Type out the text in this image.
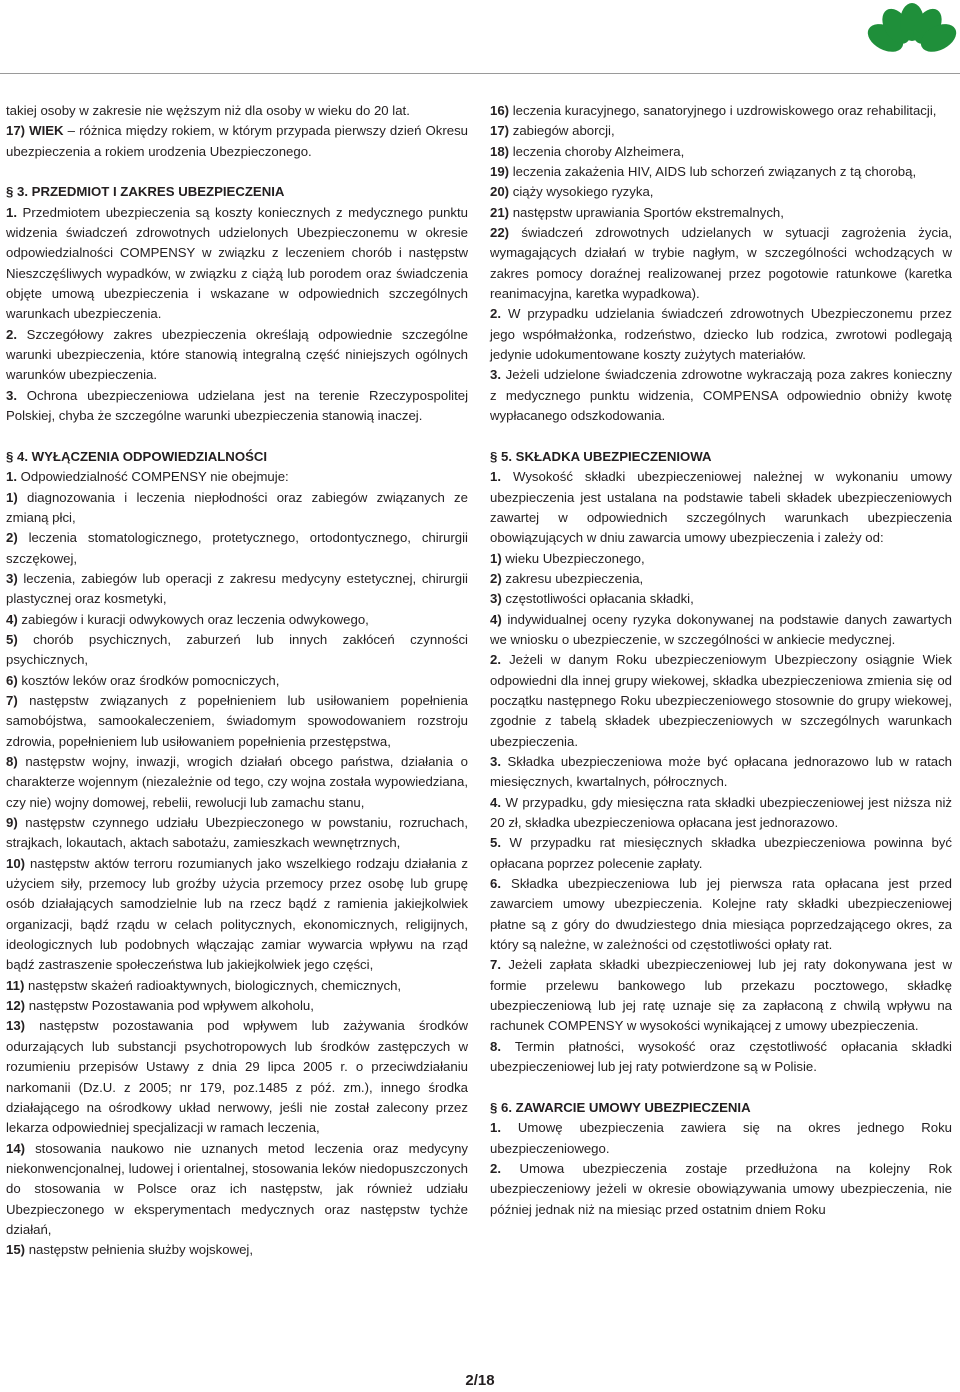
takiej osoby w zakresie nie węższym niż dla osoby w wieku do 20 lat.

17) WIEK – różnica między rokiem, w którym przypada pierwszy dzień Okresu ubezpieczenia a rokiem urodzenia Ubezpieczonego.

§ 3. PRZEDMIOT I ZAKRES UBEZPIECZENIA

1. Przedmiotem ubezpieczenia są koszty koniecznych z medycznego punktu widzenia świadczeń zdrowotnych udzielonych Ubezpieczonemu w okresie odpowiedzialności COMPENSY w związku z leczeniem chorób i następstw Nieszczęśliwych wypadków, w związku z ciążą lub porodem oraz świadczenia objęte umową ubezpieczenia i wskazane w odpowiednich szczególnych warunkach ubezpieczenia.

2. Szczegółowy zakres ubezpieczenia określają odpowiednie szczególne warunki ubezpieczenia, które stanowią integralną część niniejszych ogólnych warunków ubezpieczenia.

3. Ochrona ubezpieczeniowa udzielana jest na terenie Rzeczypospolitej Polskiej, chyba że szczególne warunki ubezpieczenia stanowią inaczej.

§ 4. WYŁĄCZENIA ODPOWIEDZIALNOŚCI

1. Odpowiedzialność COMPENSY nie obejmuje:

1) diagnozowania i leczenia niepłodności oraz zabiegów związanych ze zmianą płci,

2) leczenia stomatologicznego, protetycznego, ortodontycznego, chirurgii szczękowej,

3) leczenia, zabiegów lub operacji z zakresu medycyny estetycznej, chirurgii plastycznej oraz kosmetyki,

4) zabiegów i kuracji odwykowych oraz leczenia odwykowego,

5) chorób psychicznych, zaburzeń lub innych zakłóceń czynności psychicznych,

6) kosztów leków oraz środków pomocniczych,

7) następstw związanych z popełnieniem lub usiłowaniem popełnienia samobójstwa, samookaleczeniem, świadomym spowodowaniem rozstroju zdrowia, popełnieniem lub usiłowaniem popełnienia przestępstwa,

8) następstw wojny, inwazji, wrogich działań obcego państwa, działania o charakterze wojennym (niezależnie od tego, czy wojna została wypowiedziana, czy nie) wojny domowej, rebelii, rewolucji lub zamachu stanu,

9) następstw czynnego udziału Ubezpieczonego w powstaniu, rozruchach, strajkach, lokautach, aktach sabotażu, zamieszkach wewnętrznych,

10) następstw aktów terroru rozumianych jako wszelkiego rodzaju działania z użyciem siły, przemocy lub groźby użycia przemocy przez osobę lub grupę osób działających samodzielnie lub na rzecz bądź z ramienia jakiejkolwiek organizacji, bądź rządu w celach politycznych, ekonomicznych, religijnych, ideologicznych lub podobnych włączając zamiar wywarcia wpływu na rząd bądź zastraszenie społeczeństwa lub jakiejkolwiek jego części,

11) następstw skażeń radioaktywnych, biologicznych, chemicznych,

12) następstw Pozostawania pod wpływem alkoholu,

13) następstw pozostawania pod wpływem lub zażywania środków odurzających lub substancji psychotropowych lub środków zastępczych w rozumieniu przepisów Ustawy z dnia 29 lipca 2005 r. o przeciwdziałaniu narkomanii (Dz.U. z 2005; nr 179, poz.1485 z póź. zm.), innego środka działającego na ośrodkowy układ nerwowy, jeśli nie został zalecony przez lekarza odpowiedniej specjalizacji w ramach leczenia,

14) stosowania naukowo nie uznanych metod leczenia oraz medycyny niekonwencjonalnej, ludowej i orientalnej, stosowania leków niedopuszczonych do stosowania w Polsce oraz ich następstw, jak również udziału Ubezpieczonego w eksperymentach medycznych oraz następstw tychże działań,

15) następstw pełnienia służby wojskowej,

16) leczenia kuracyjnego, sanatoryjnego i uzdrowiskowego oraz rehabilitacji,

17) zabiegów aborcji,

18) leczenia choroby Alzheimera,

19) leczenia zakażenia HIV, AIDS lub schorzeń związanych z tą chorobą,

20) ciąży wysokiego ryzyka,

21) następstw uprawiania Sportów ekstremalnych,

22) świadczeń zdrowotnych udzielanych w sytuacji zagrożenia życia, wymagających działań w trybie nagłym, w szczególności wchodzących w zakres pomocy doraźnej realizowanej przez pogotowie ratunkowe (karetka reanimacyjna, karetka wypadkowa).

2. W przypadku udzielania świadczeń zdrowotnych Ubezpieczonemu przez jego współmałżonka, rodzeństwo, dziecko lub rodzica, zwrotowi podlegają jedynie udokumentowane koszty zużytych materiałów.

3. Jeżeli udzielone świadczenia zdrowotne wykraczają poza zakres konieczny z medycznego punktu widzenia, COMPENSA odpowiednio obniży kwotę wypłacanego odszkodowania.

§ 5. SKŁADKA UBEZPIECZENIOWA

1. Wysokość składki ubezpieczeniowej należnej w wykonaniu umowy ubezpieczenia jest ustalana na podstawie tabeli składek ubezpieczeniowych zawartej w odpowiednich szczególnych warunkach ubezpieczenia obowiązujących w dniu zawarcia umowy ubezpieczenia i zależy od:

1) wieku Ubezpieczonego,

2) zakresu ubezpieczenia,

3) częstotliwości opłacania składki,

4) indywidualnej oceny ryzyka dokonywanej na podstawie danych zawartych we wniosku o ubezpieczenie, w szczególności w ankiecie medycznej.

2. Jeżeli w danym Roku ubezpieczeniowym Ubezpieczony osiągnie Wiek odpowiedni dla innej grupy wiekowej, składka ubezpieczeniowa zmienia się od początku następnego Roku ubezpieczeniowego stosownie do grupy wiekowej, zgodnie z tabelą składek ubezpieczeniowych w szczególnych warunkach ubezpieczenia.

3. Składka ubezpieczeniowa może być opłacana jednorazowo lub w ratach miesięcznych, kwartalnych, półrocznych.

4. W przypadku, gdy miesięczna rata składki ubezpieczeniowej jest niższa niż 20 zł, składka ubezpieczeniowa opłacana jest jednorazowo.

5. W przypadku rat miesięcznych składka ubezpieczeniowa powinna być opłacana poprzez polecenie zapłaty.

6. Składka ubezpieczeniowa lub jej pierwsza rata opłacana jest przed zawarciem umowy ubezpieczenia. Kolejne raty składki ubezpieczeniowej płatne są z góry do dwudziestego dnia miesiąca poprzedzającego okres, za który są należne, w zależności od częstotliwości opłaty rat.

7. Jeżeli zapłata składki ubezpieczeniowej lub jej raty dokonywana jest w formie przelewu bankowego lub przekazu pocztowego, składkę ubezpieczeniową lub jej ratę uznaje się za zapłaconą z chwilą wpływu na rachunek COMPENSY w wysokości wynikającej z umowy ubezpieczenia.

8. Termin płatności, wysokość oraz częstotliwość opłacania składki ubezpieczeniowej lub jej raty potwierdzone są w Polisie.

§ 6. ZAWARCIE UMOWY UBEZPIECZENIA

1. Umowę ubezpieczenia zawiera się na okres jednego Roku ubezpieczeniowego.

2. Umowa ubezpieczenia zostaje przedłużona na kolejny Rok ubezpieczeniowy jeżeli w okresie obowiązywania umowy ubezpieczenia, nie później jednak niż na miesiąc przed ostatnim dniem Roku

2/18
